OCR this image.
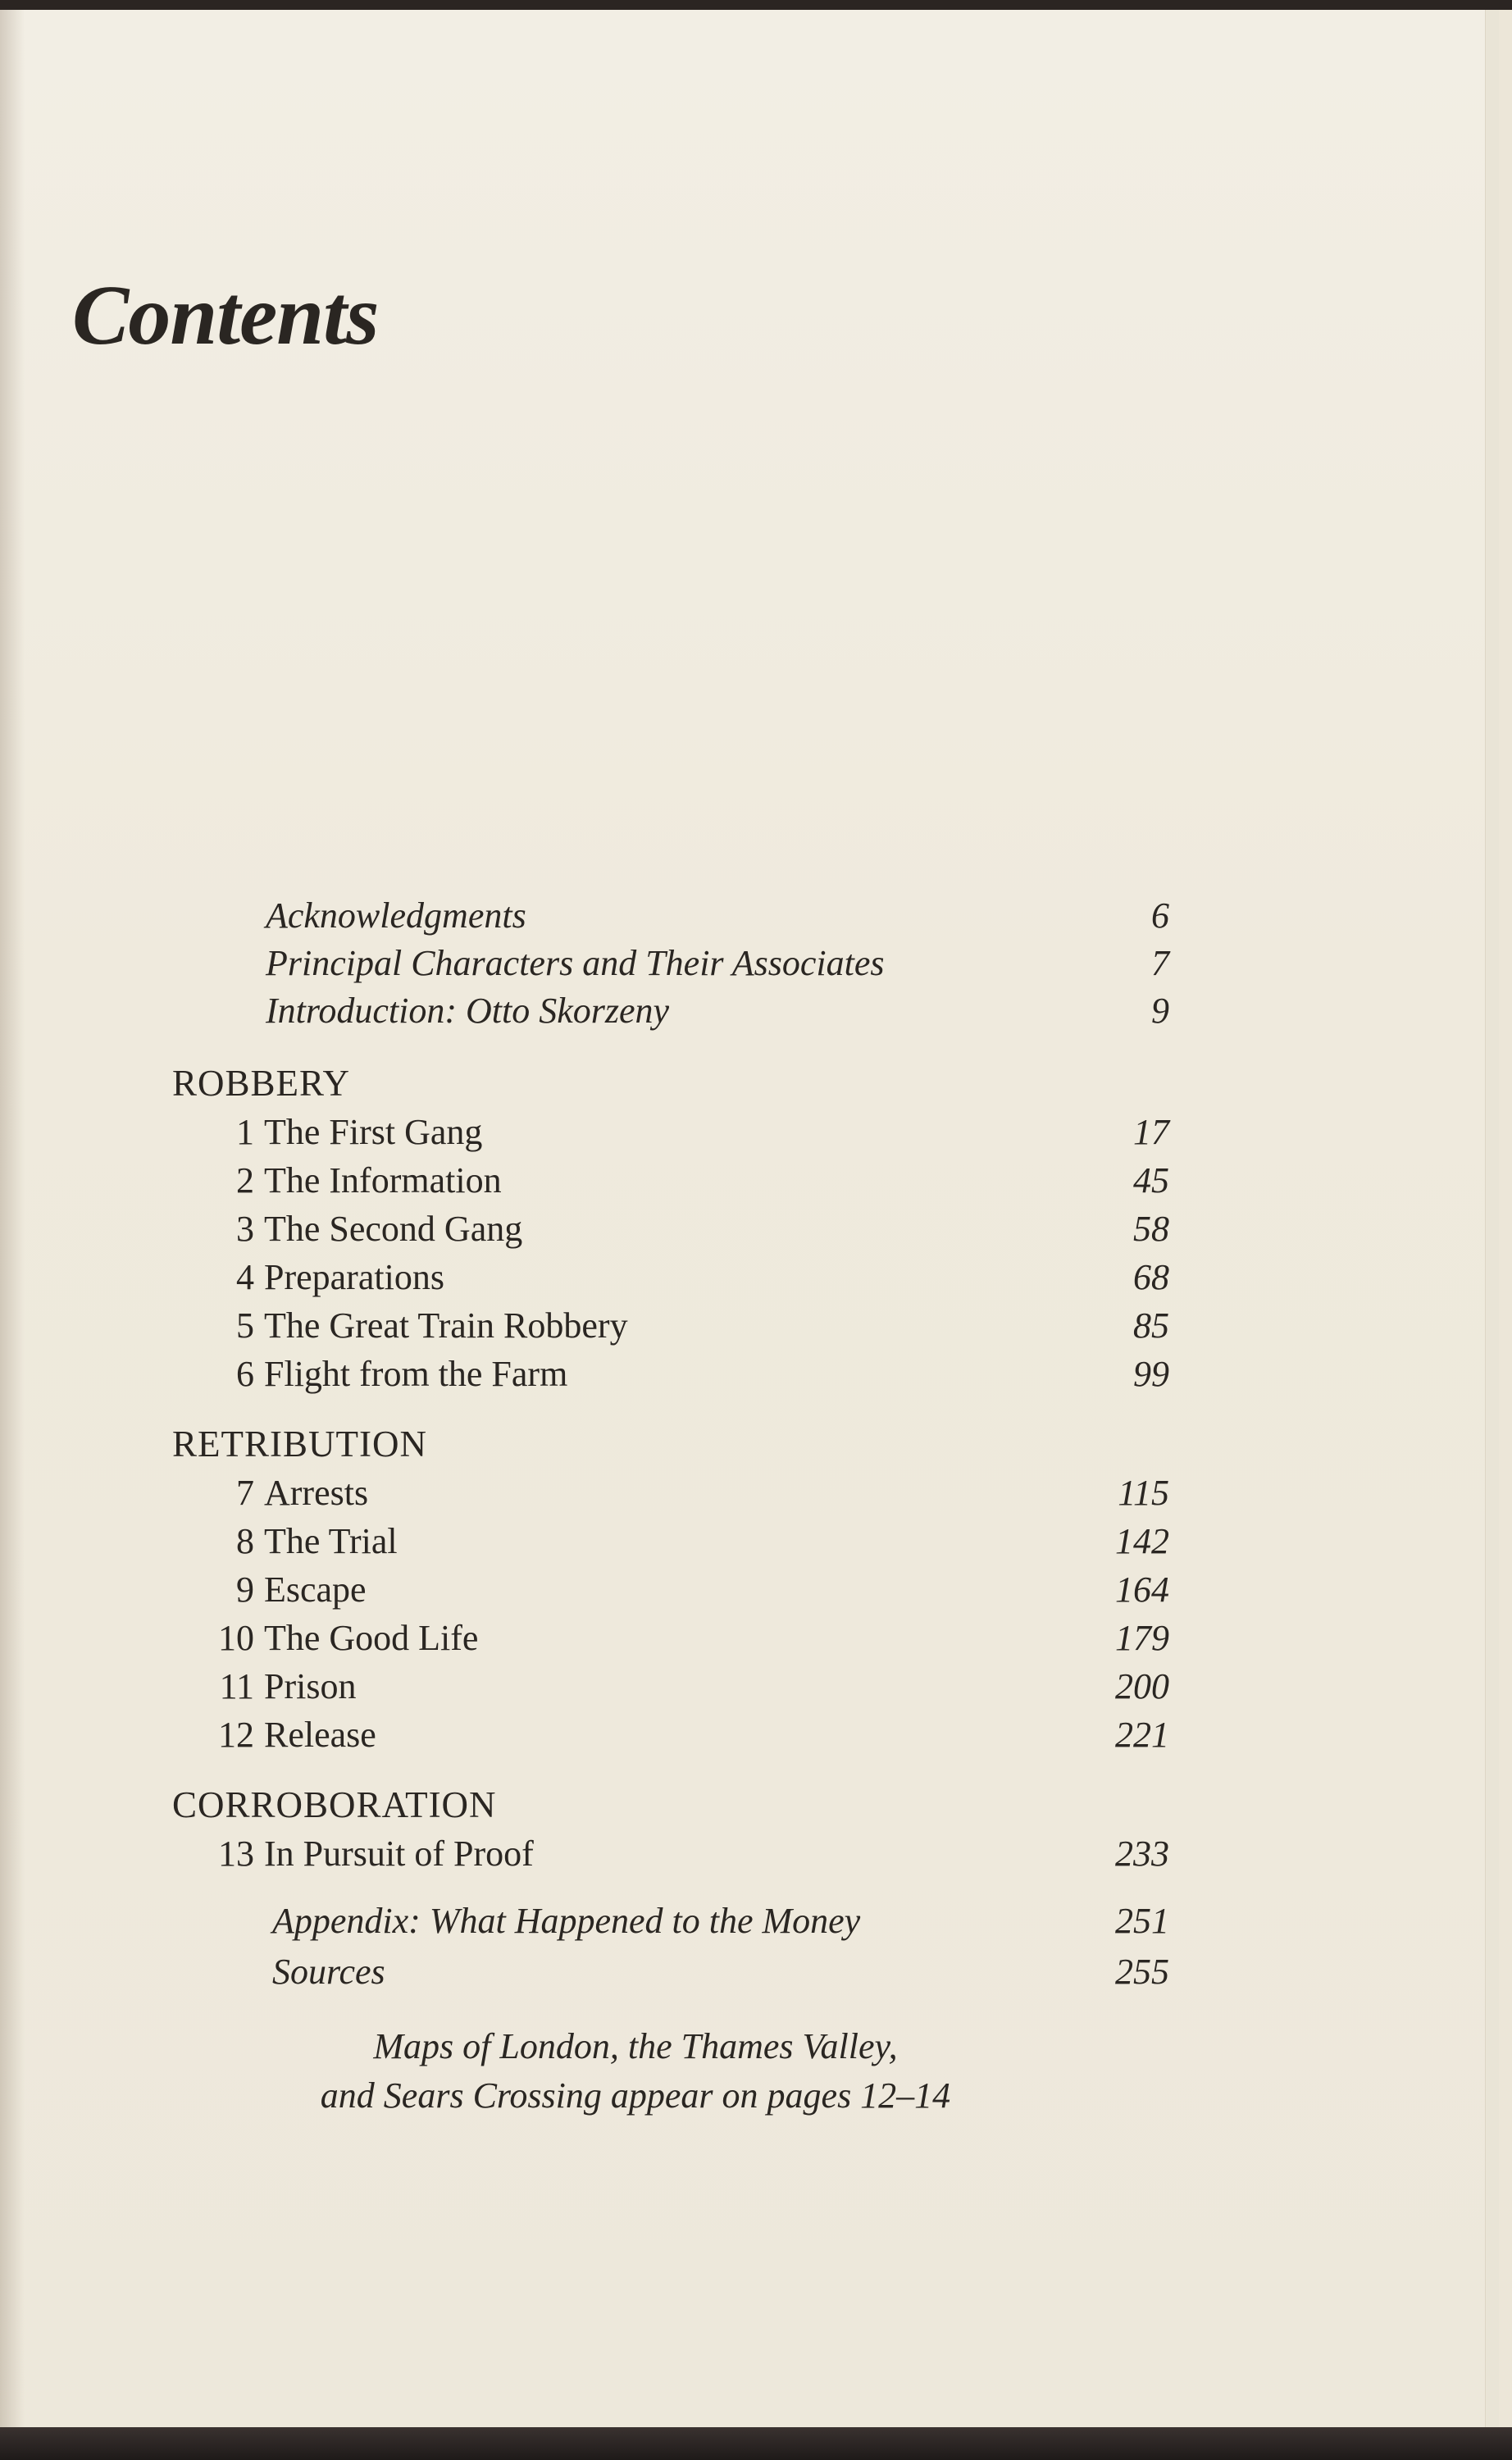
Contents
Acknowledgments	6
Principal Characters and Their Associates	7
Introduction: Otto Skorzeny	9
ROBBERY
1 The First Gang	17
2 The Information	45
3 The Second Gang	58
4 Preparations	68
5 The Great Train Robbery	85
6 Flight from the Farm	99
RETRIBUTION
7 Arrests	115
8 The Trial	142
9 Escape	164
10 The Good Life	179
11 Prison	200
12 Release	221
CORROBORATION
13 In Pursuit of Proof	233
Appendix: What Happened to the Money	251
Sources	255
Maps of London, the Thames Valley,
and Sears Crossing appear on pages 12–14
